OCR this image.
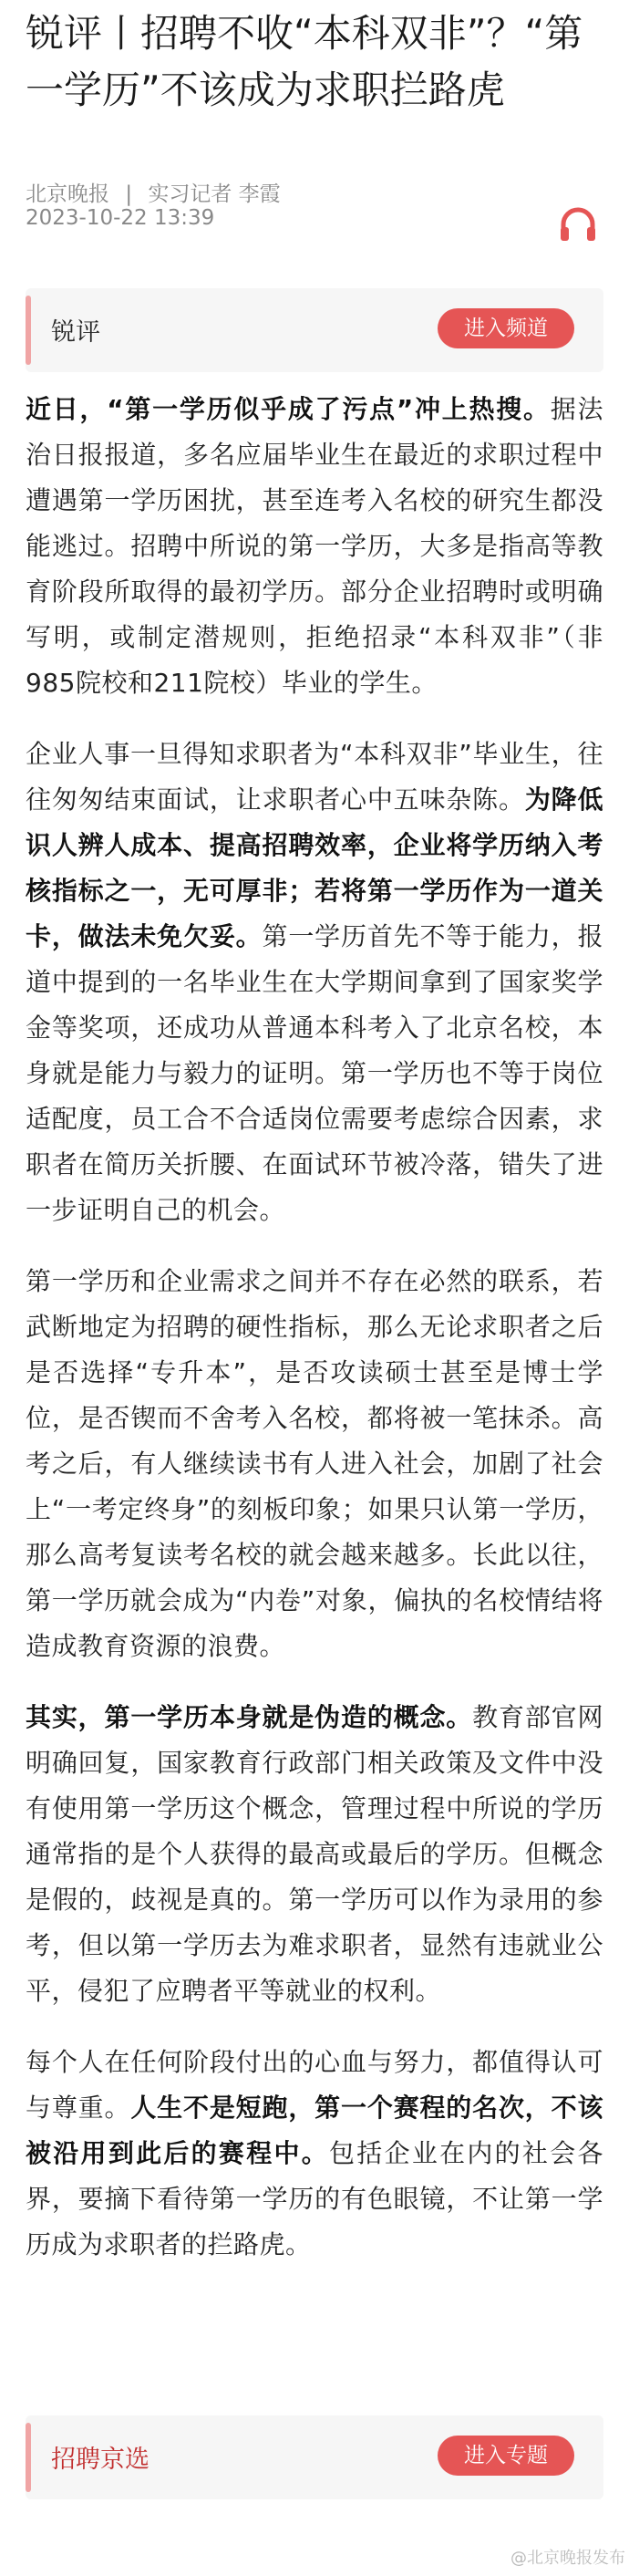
锐评丨招聘不收“本科双非”？“第一学历”不该成为求职拦路虎
北京晚报 | 实习记者 李霞
2023-10-22 13:39
锐评	进入频道

近日，“第一学历似乎成了污点”冲上热搜。据法治日报报道，多名应届毕业生在最近的求职过程中遭遇第一学历困扰，甚至连考入名校的研究生都没能逃过。招聘中所说的第一学历，大多是指高等教育阶段所取得的最初学历。部分企业招聘时或明确写明，或制定潜规则，拒绝招录“本科双非”（非985院校和211院校）毕业的学生。

企业人事一旦得知求职者为“本科双非”毕业生，往往匆匆结束面试，让求职者心中五味杂陈。为降低识人辨人成本、提高招聘效率，企业将学历纳入考核指标之一，无可厚非；若将第一学历作为一道关卡，做法未免欠妥。第一学历首先不等于能力，报道中提到的一名毕业生在大学期间拿到了国家奖学金等奖项，还成功从普通本科考入了北京名校，本身就是能力与毅力的证明。第一学历也不等于岗位适配度，员工合不合适岗位需要考虑综合因素，求职者在简历关折腰、在面试环节被冷落，错失了进一步证明自己的机会。

第一学历和企业需求之间并不存在必然的联系，若武断地定为招聘的硬性指标，那么无论求职者之后是否选择“专升本”，是否攻读硕士甚至是博士学位，是否锲而不舍考入名校，都将被一笔抹杀。高考之后，有人继续读书有人进入社会，加剧了社会上“一考定终身”的刻板印象；如果只认第一学历，那么高考复读考名校的就会越来越多。长此以往，第一学历就会成为“内卷”对象，偏执的名校情结将造成教育资源的浪费。

其实，第一学历本身就是伪造的概念。教育部官网明确回复，国家教育行政部门相关政策及文件中没有使用第一学历这个概念，管理过程中所说的学历通常指的是个人获得的最高或最后的学历。但概念是假的，歧视是真的。第一学历可以作为录用的参考，但以第一学历去为难求职者，显然有违就业公平，侵犯了应聘者平等就业的权利。

每个人在任何阶段付出的心血与努力，都值得认可与尊重。人生不是短跑，第一个赛程的名次，不该被沿用到此后的赛程中。包括企业在内的社会各界，要摘下看待第一学历的有色眼镜，不让第一学历成为求职者的拦路虎。

招聘京选	进入专题
@北京晚报发布
